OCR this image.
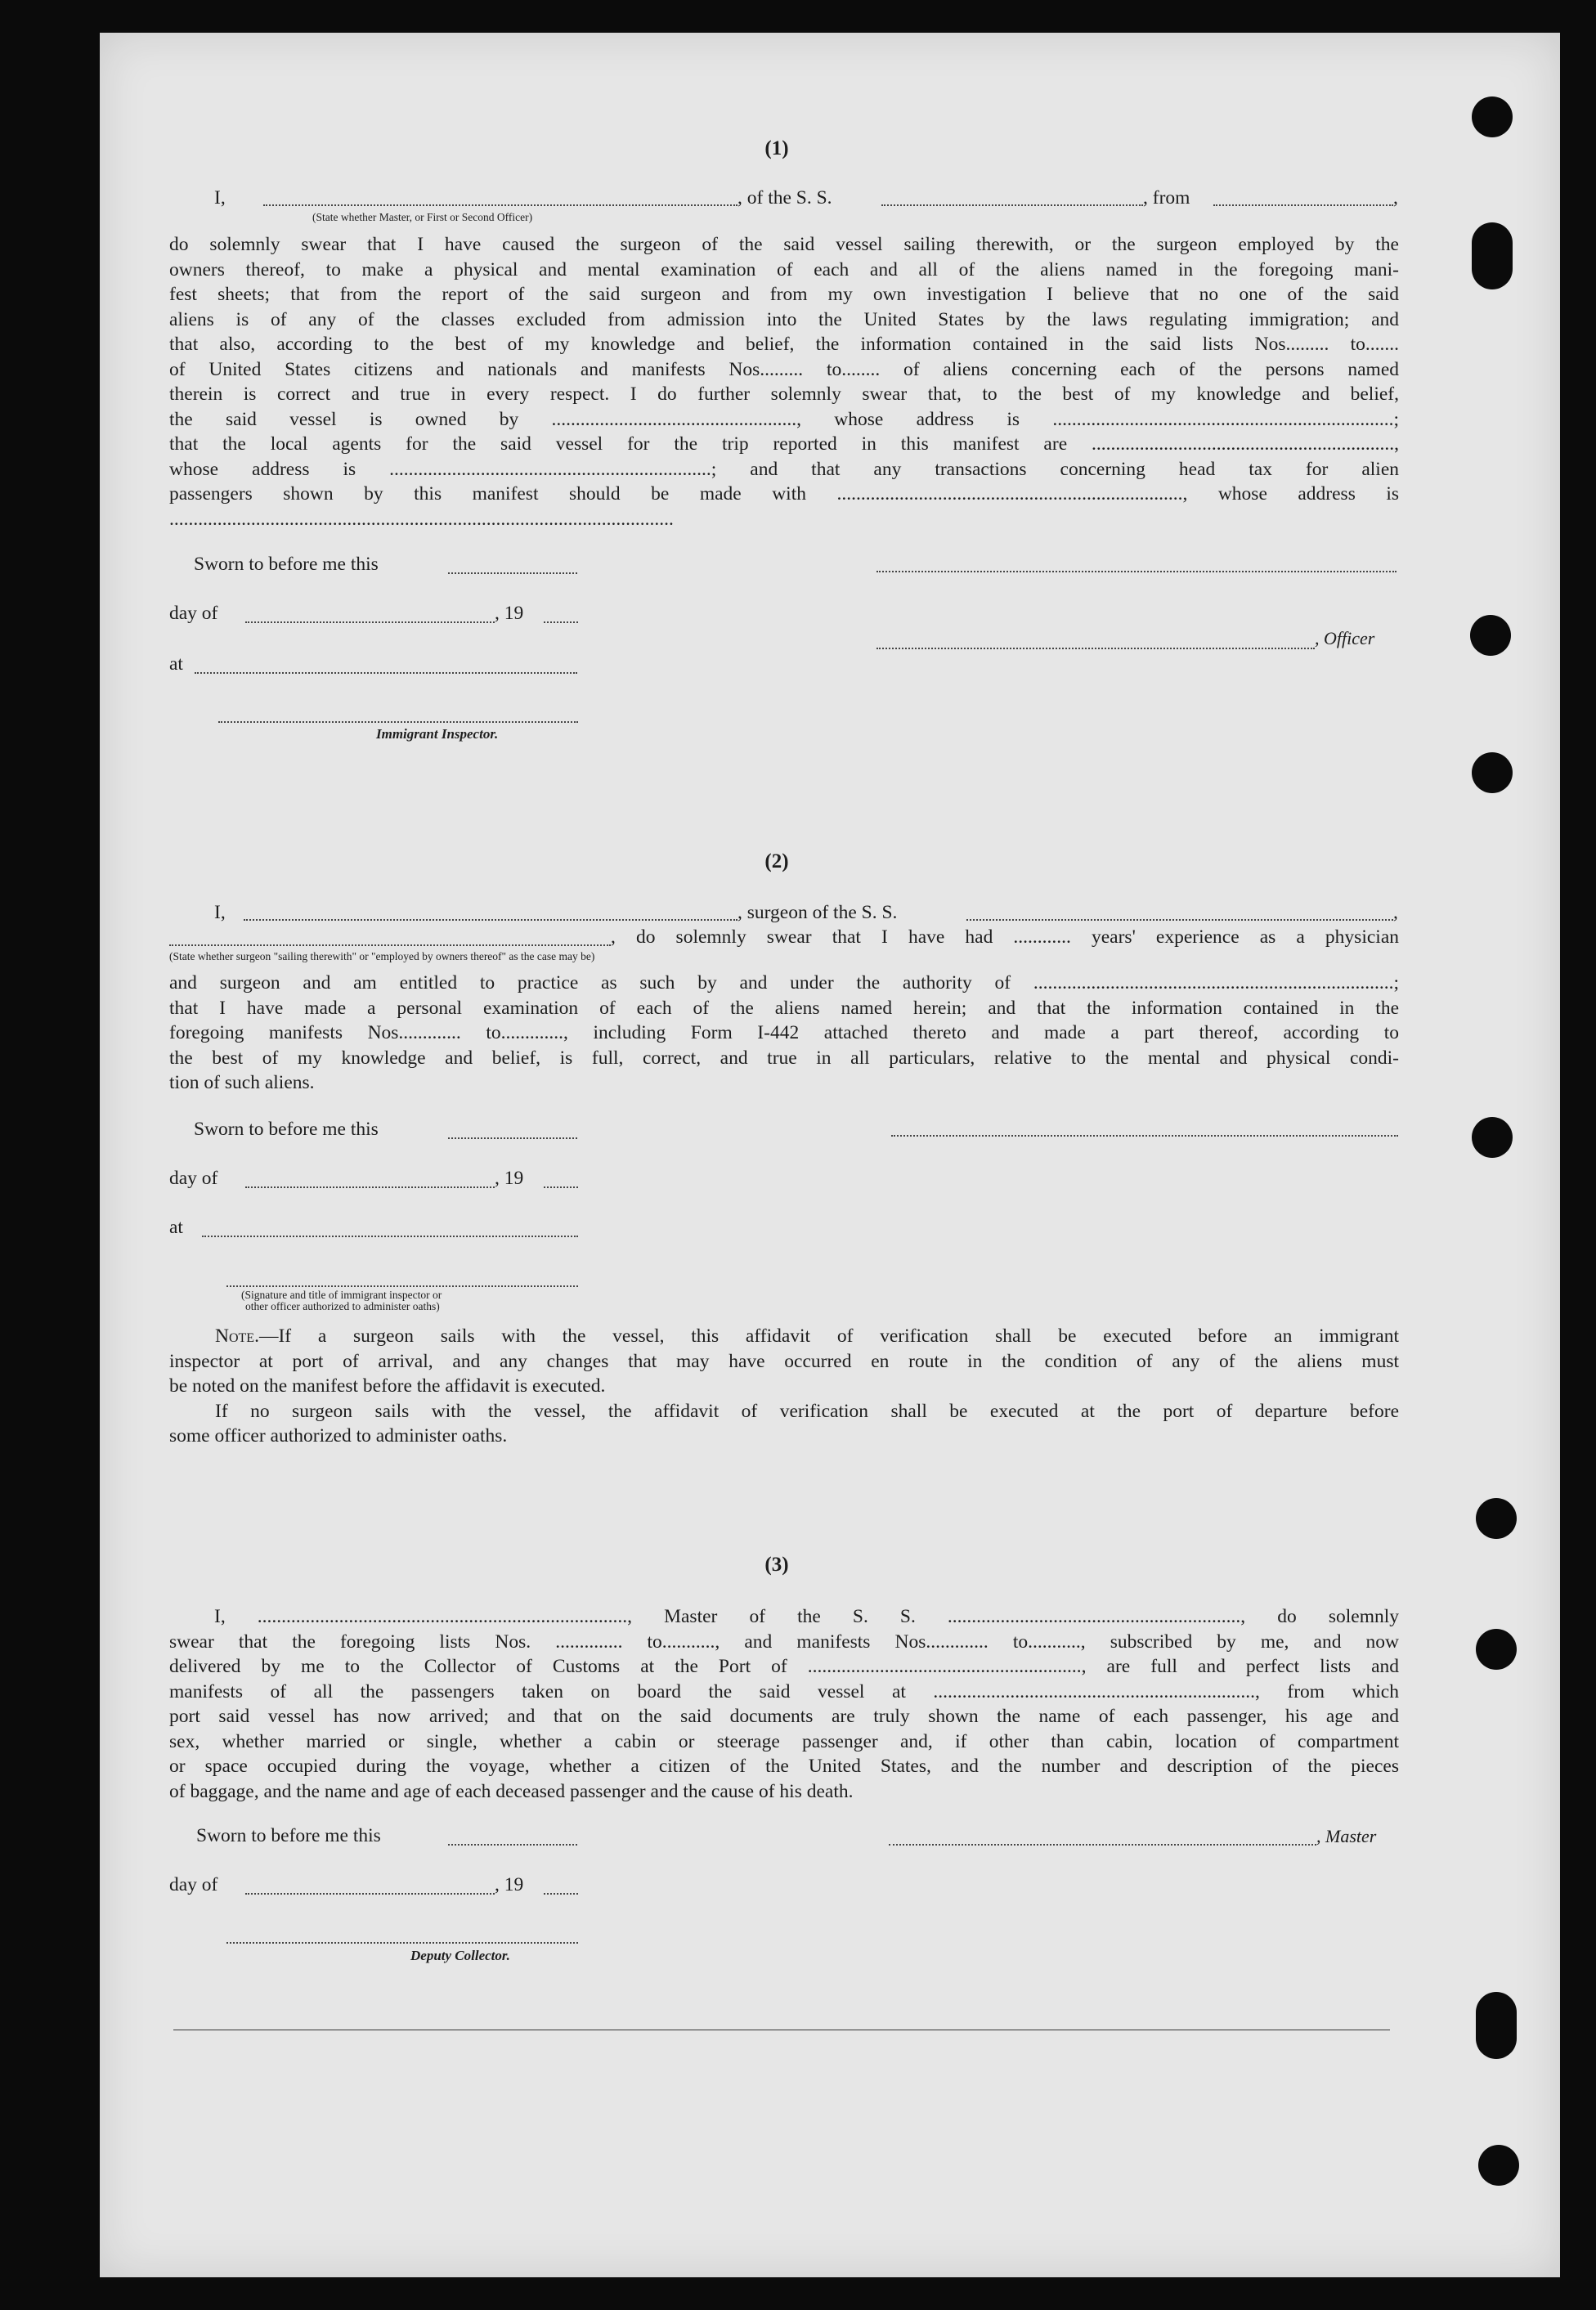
(1)
I,	, of the S. S.	, from	,
(State whether Master, or First or Second Officer)
do solemnly swear that I have caused the surgeon of the said vessel sailing therewith, or the surgeon employed by the
owners thereof, to make a physical and mental examination of each and all of the aliens named in the foregoing mani-
fest sheets; that from the report of the said surgeon and from my own investigation I believe that no one of the said
aliens is of any of the classes excluded from admission into the United States by the laws regulating immigration; and
that also, according to the best of my knowledge and belief, the information contained in the said lists Nos......... to.......
of United States citizens and nationals and manifests Nos......... to........ of aliens concerning each of the persons named
therein is correct and true in every respect. I do further solemnly swear that, to the best of my knowledge and belief,
the said vessel is owned by ..................................................., whose address is .......................................................................;
that the local agents for the said vessel for the trip reported in this manifest are ...............................................................,
whose address is ...................................................................; and that any transactions concerning head tax for alien
passengers shown by this manifest should be made with ........................................................................, whose address is
.........................................................................................................
Sworn to before me this
day of	, 19
, Officer
at
Immigrant Inspector.
(2)
I,	, surgeon of the S. S.	,
, do solemnly swear that I have had ............ years' experience as a physician
(State whether surgeon "sailing therewith" or "employed by owners thereof" as the case may be)
and surgeon and am entitled to practice as such by and under the authority of ...........................................................................;
that I have made a personal examination of each of the aliens named herein; and that the information contained in the
foregoing manifests Nos............. to............., including Form I-442 attached thereto and made a part thereof, according to
the best of my knowledge and belief, is full, correct, and true in all particulars, relative to the mental and physical condi-
tion of such aliens.
Sworn to before me this
day of	, 19
at
(Signature and title of immigrant inspector or
other officer authorized to administer oaths)
Note.—If a surgeon sails with the vessel, this affidavit of verification shall be executed before an immigrant
inspector at port of arrival, and any changes that may have occurred en route in the condition of any of the aliens must
be noted on the manifest before the affidavit is executed.
If no surgeon sails with the vessel, the affidavit of verification shall be executed at the port of departure before
some officer authorized to administer oaths.
(3)
I, ............................................................................., Master of the S. S. ............................................................., do solemnly
swear that the foregoing lists Nos. .............. to..........., and manifests Nos............. to..........., subscribed by me, and now
delivered by me to the Collector of Customs at the Port of ........................................................., are full and perfect lists and
manifests of all the passengers taken on board the said vessel at ..................................................................., from which
port said vessel has now arrived; and that on the said documents are truly shown the name of each passenger, his age and
sex, whether married or single, whether a cabin or steerage passenger and, if other than cabin, location of compartment
or space occupied during the voyage, whether a citizen of the United States, and the number and description of the pieces
of baggage, and the name and age of each deceased passenger and the cause of his death.
Sworn to before me this	, Master
day of	, 19
Deputy Collector.
